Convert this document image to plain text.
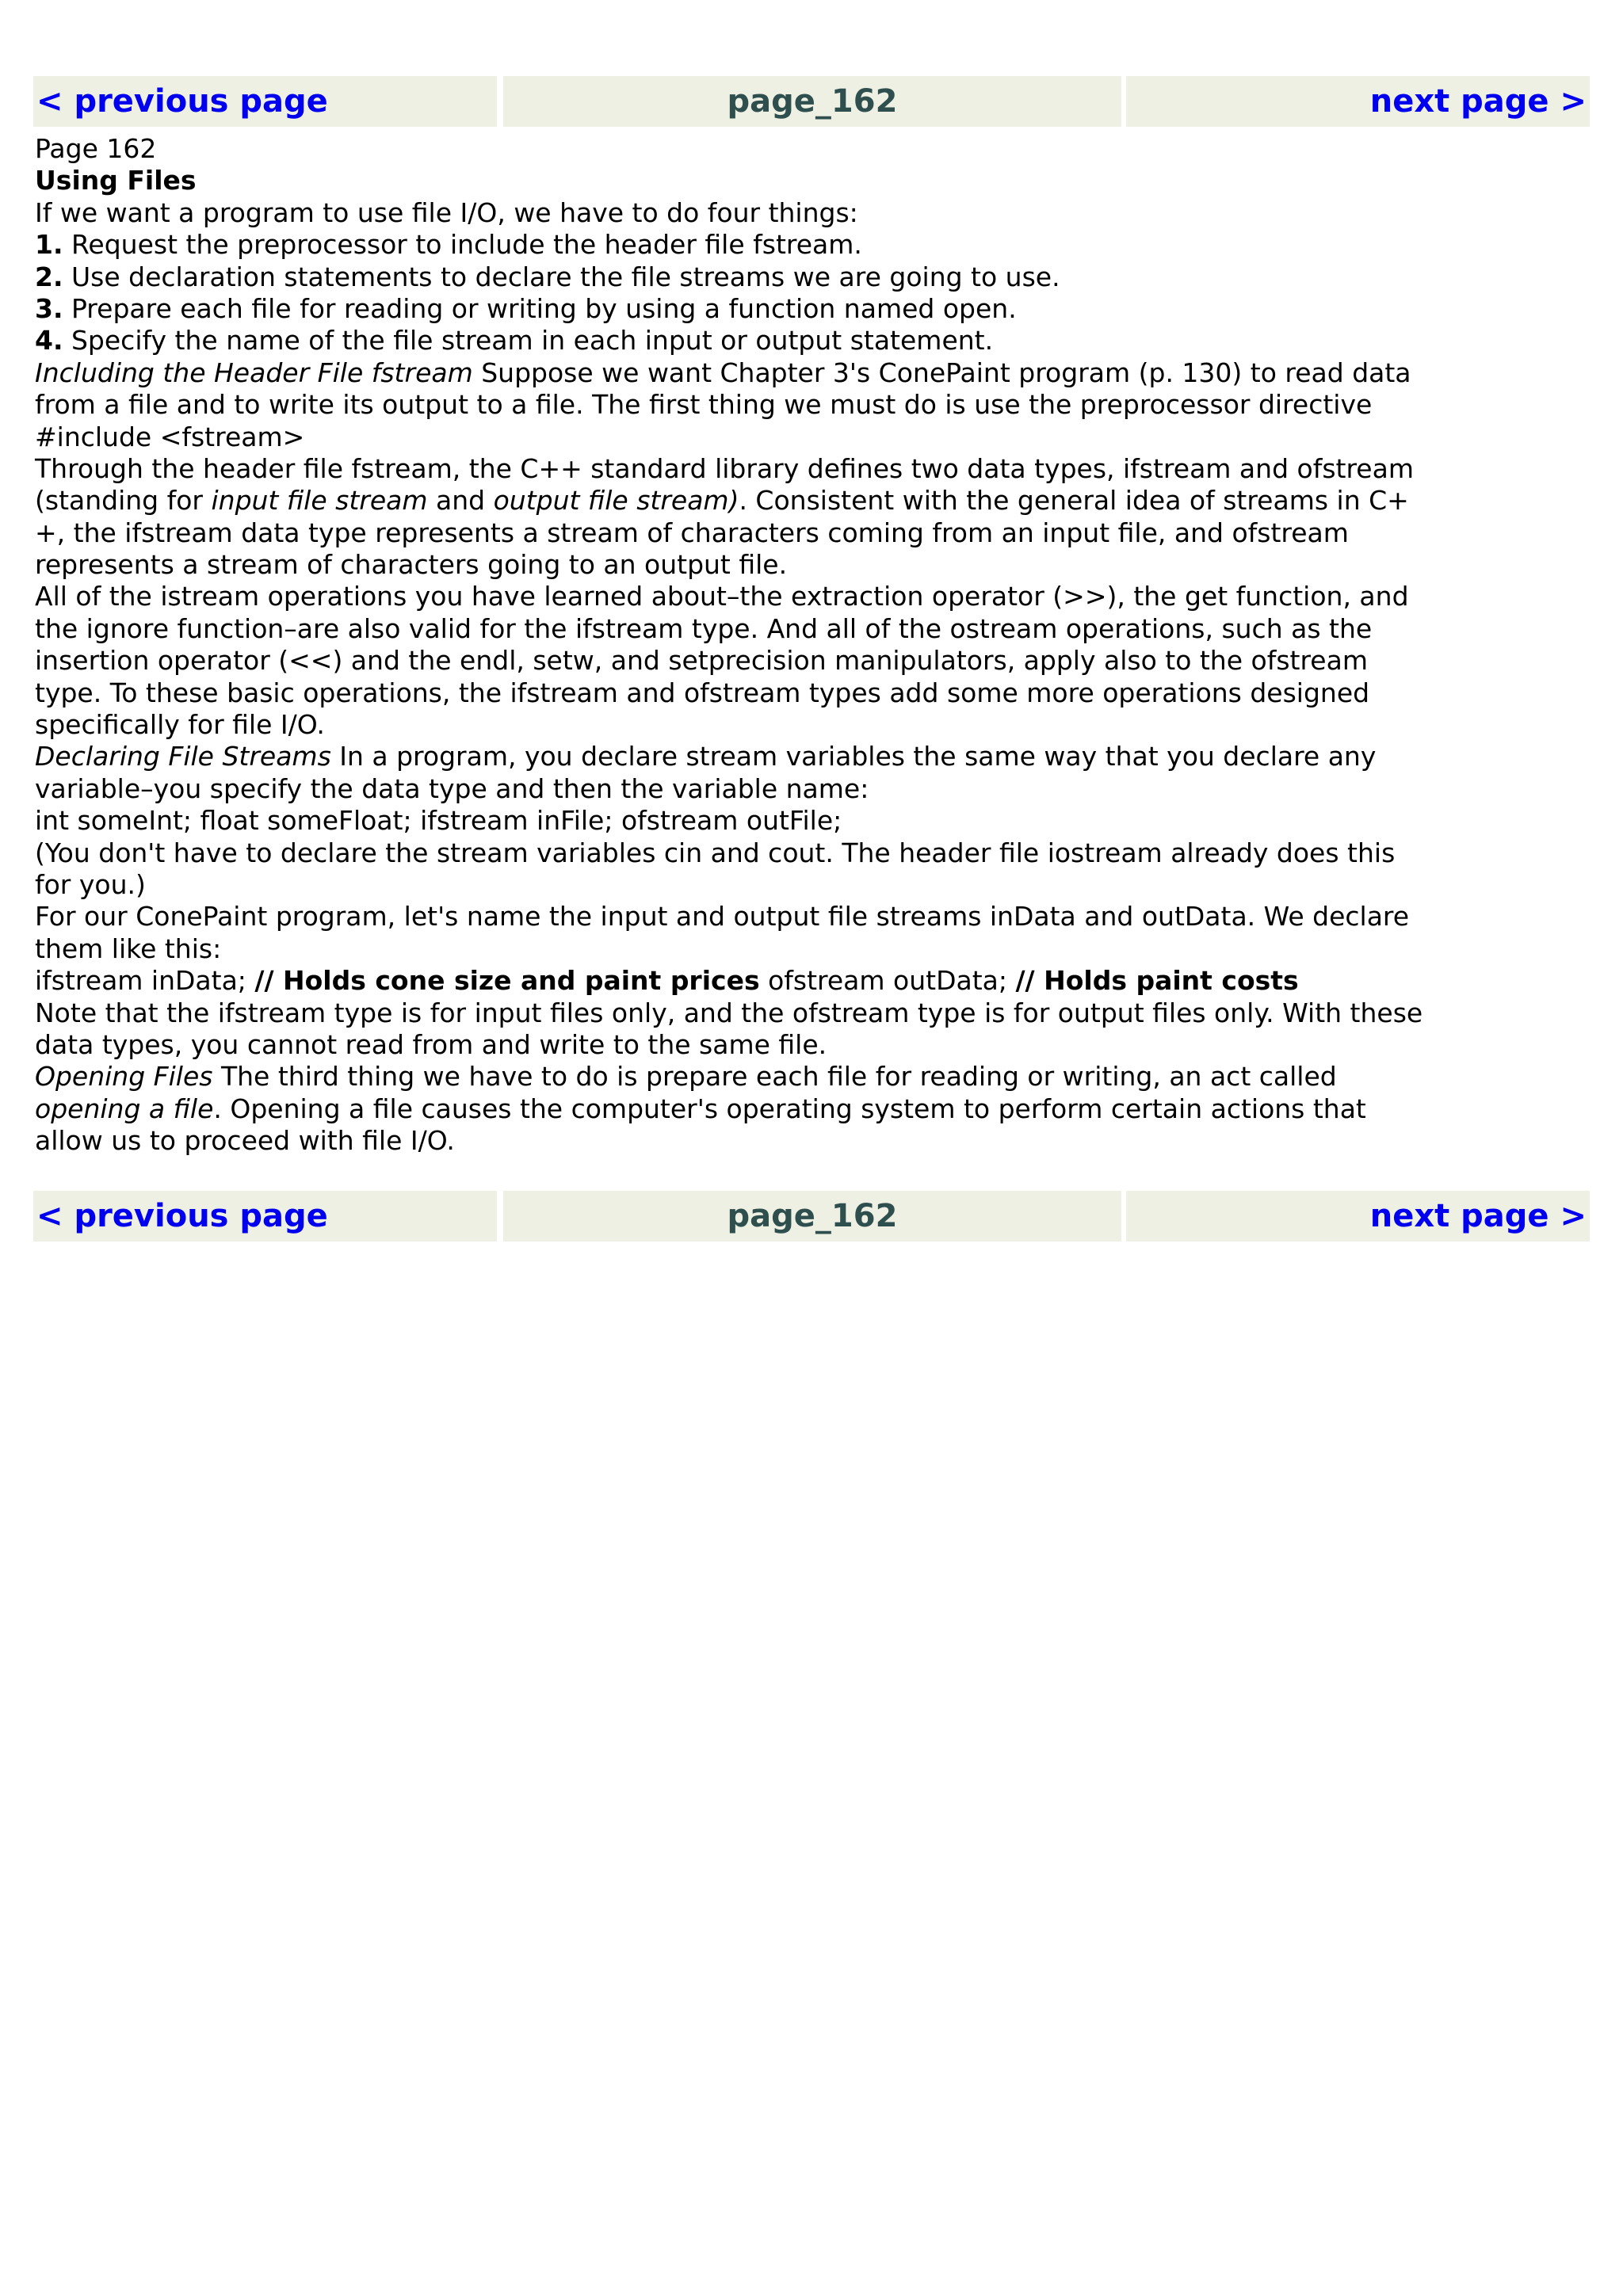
< previous page	page_162	next page >
Page 162
Using Files
If we want a program to use file I/O, we have to do four things:
1. Request the preprocessor to include the header file fstream.
2. Use declaration statements to declare the file streams we are going to use.
3. Prepare each file for reading or writing by using a function named open.
4. Specify the name of the file stream in each input or output statement.
Including the Header File fstream Suppose we want Chapter 3's ConePaint program (p. 130) to read data
from a file and to write its output to a file. The first thing we must do is use the preprocessor directive
#include <fstream>
Through the header file fstream, the C++ standard library defines two data types, ifstream and ofstream
(standing for input file stream and output file stream). Consistent with the general idea of streams in C+
+, the ifstream data type represents a stream of characters coming from an input file, and ofstream
represents a stream of characters going to an output file.
All of the istream operations you have learned about–the extraction operator (>>), the get function, and
the ignore function–are also valid for the ifstream type. And all of the ostream operations, such as the
insertion operator (<<) and the endl, setw, and setprecision manipulators, apply also to the ofstream
type. To these basic operations, the ifstream and ofstream types add some more operations designed
specifically for file I/O.
Declaring File Streams In a program, you declare stream variables the same way that you declare any
variable–you specify the data type and then the variable name:
int someInt; float someFloat; ifstream inFile; ofstream outFile;
(You don't have to declare the stream variables cin and cout. The header file iostream already does this
for you.)
For our ConePaint program, let's name the input and output file streams inData and outData. We declare
them like this:
ifstream inData; // Holds cone size and paint prices ofstream outData; // Holds paint costs
Note that the ifstream type is for input files only, and the ofstream type is for output files only. With these
data types, you cannot read from and write to the same file.
Opening Files The third thing we have to do is prepare each file for reading or writing, an act called
opening a file. Opening a file causes the computer's operating system to perform certain actions that
allow us to proceed with file I/O.
< previous page	page_162	next page >
